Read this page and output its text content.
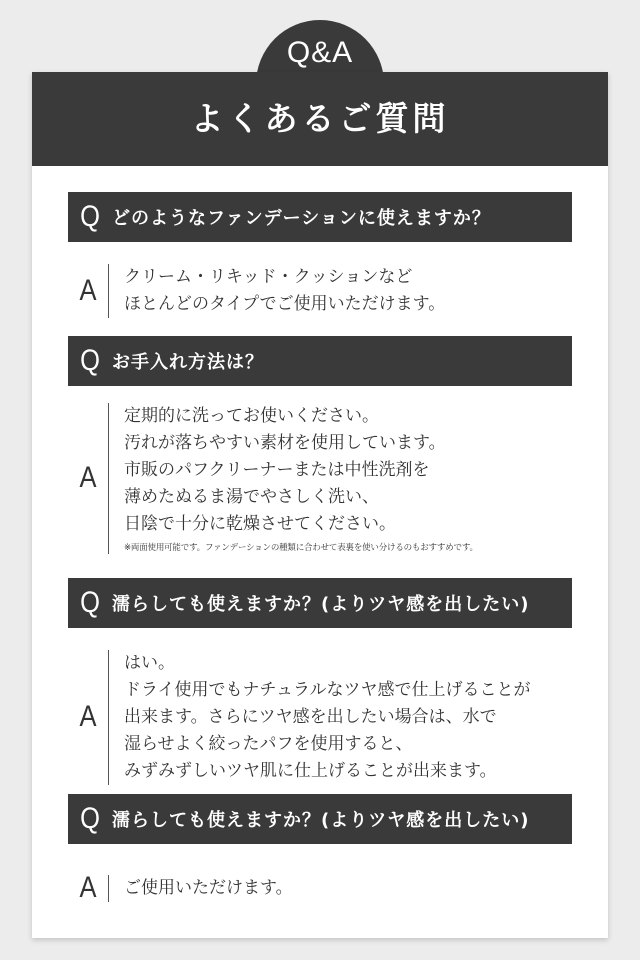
Q&A
よくあるご質問
Q どのようなファンデーションに使えますか？
A	クリーム・リキッド・クッションなど
ほとんどのタイプでご使用いただけます。
Q お手入れ方法は？
A
定期的に洗ってお使いください。
汚れが落ちやすい素材を使用しています。
市販のパフクリーナーまたは中性洗剤を
薄めたぬるま湯でやさしく洗い、
日陰で十分に乾燥させてください。
※両面使用可能です。ファンデーションの種類に合わせて表裏を使い分けるのもおすすめです。
Q 濡らしても使えますか？(よりツヤ感を出したい)
A
はい。
ドライ使用でもナチュラルなツヤ感で仕上げることが
出来ます。さらにツヤ感を出したい場合は、水で
湿らせよく絞ったパフを使用すると、
みずみずしいツヤ肌に仕上げることが出来ます。
Q 濡らしても使えますか？(よりツヤ感を出したい)
A	ご使用いただけます。
